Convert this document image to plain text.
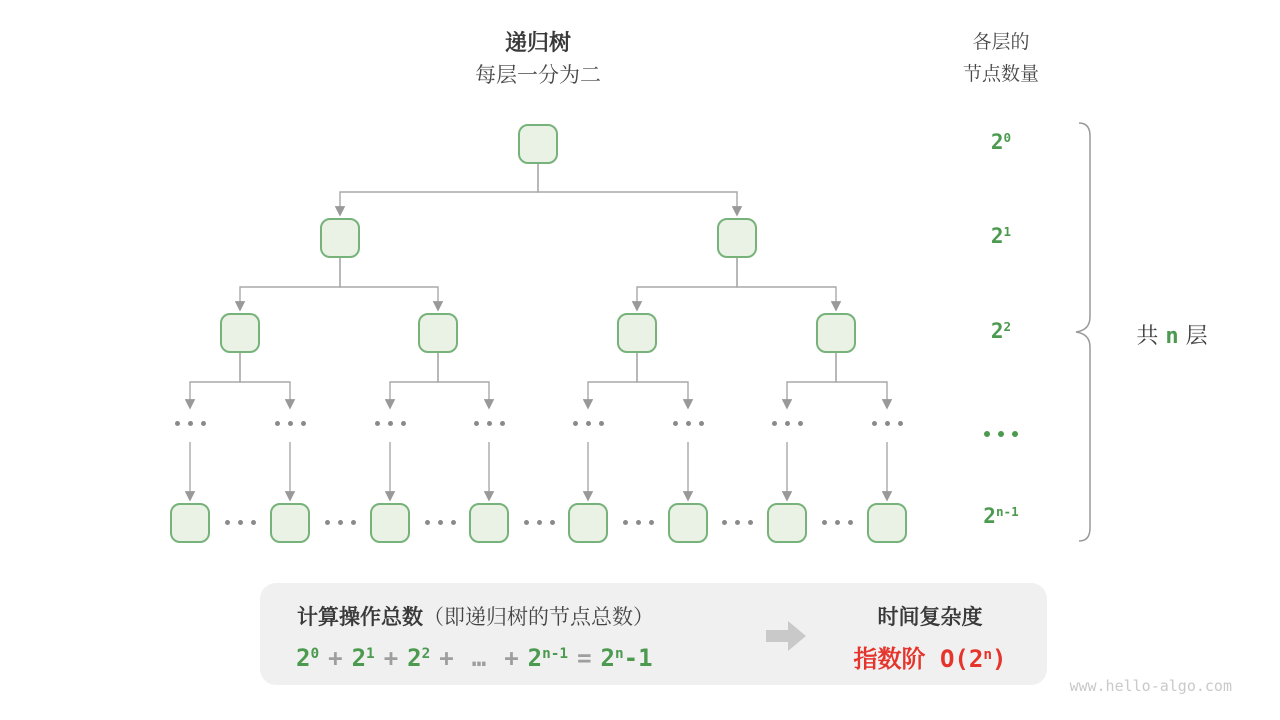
递归树
每层一分为二
各层的
节点数量
$2^0$
$2^1$
$2^2$
2$^{n-1}$
共 n 层
计算操作总数（即递归树的节点总数）
$2^0 + 2^1 + 2^2$ + … + $2^{n-1} = 2^n-1$
时间复杂度
指数阶 O(2$^n$)
www.hello-algo.com
